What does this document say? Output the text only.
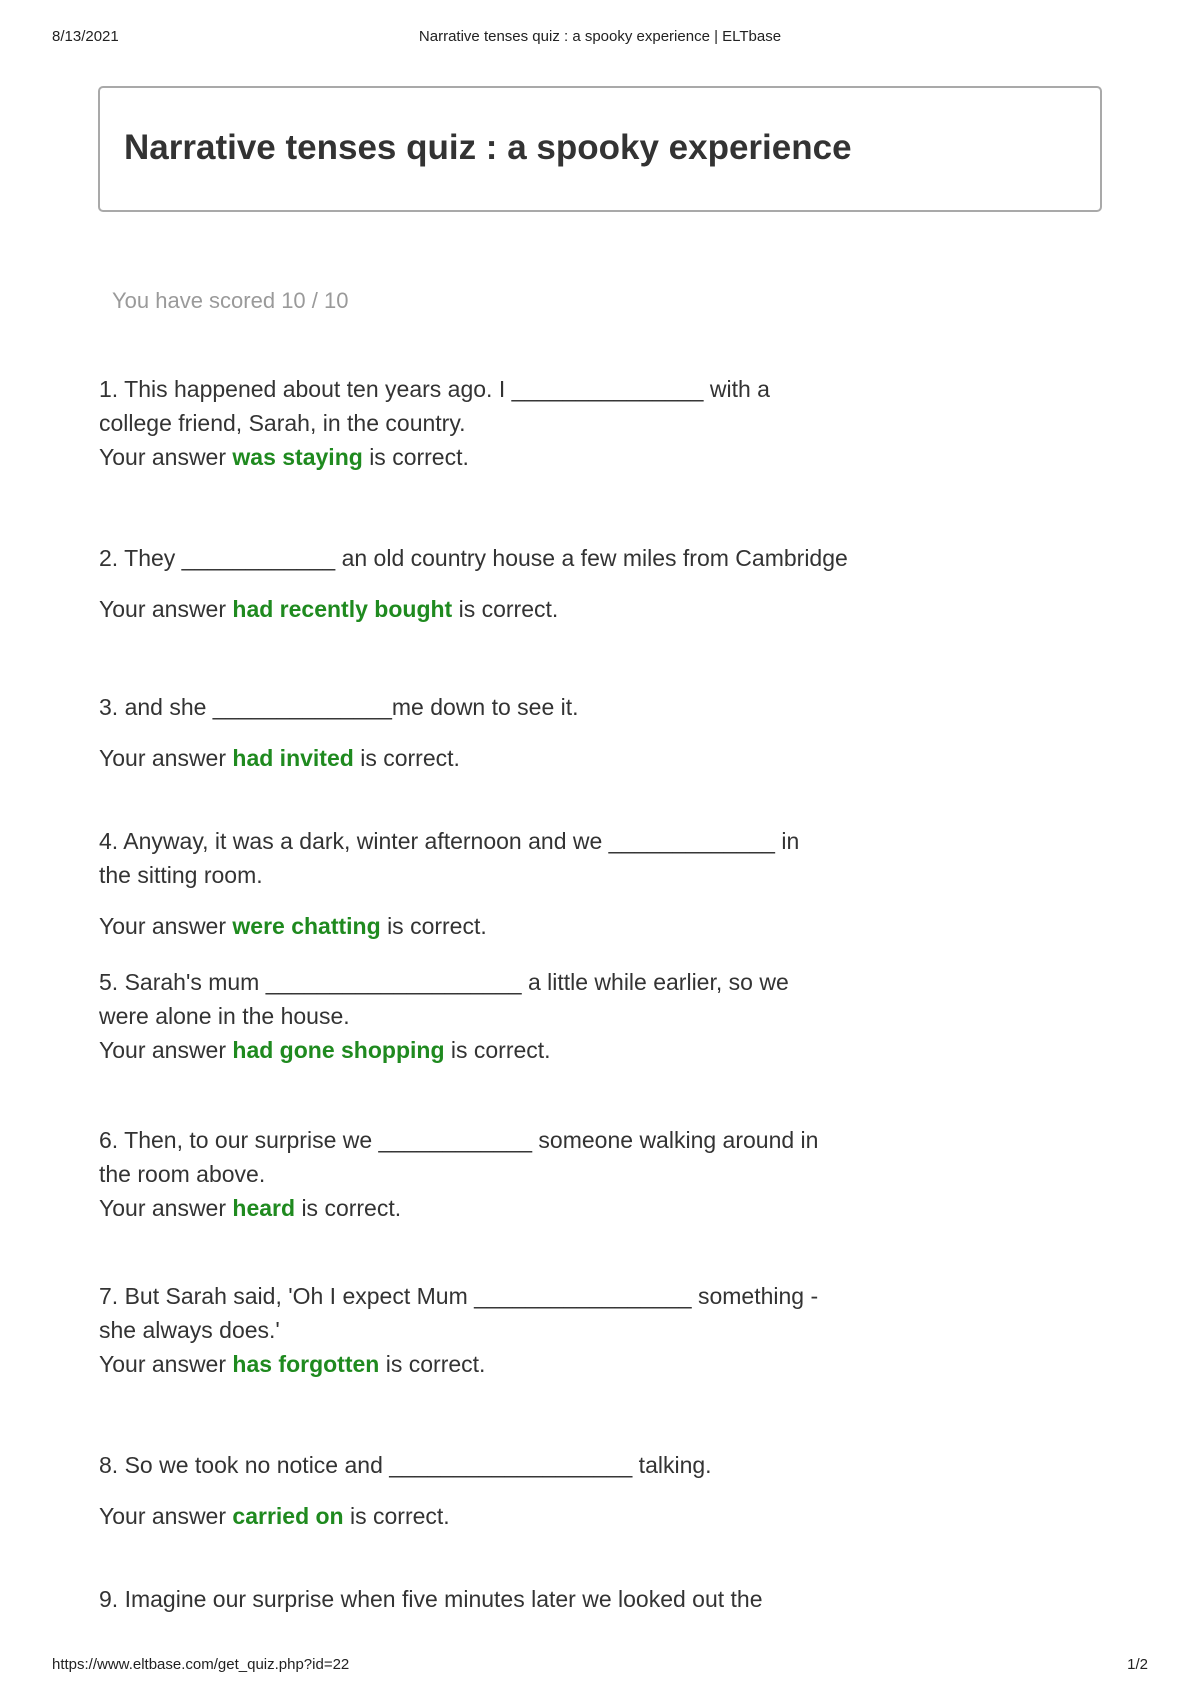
8/13/2021	Narrative tenses quiz : a spooky experience | ELTbase
Narrative tenses quiz : a spooky experience
You have scored 10 / 10
1. This happened about ten years ago. I _______________ with a
college friend, Sarah, in the country.
Your answer was staying is correct.
2. They ____________ an old country house a few miles from Cambridge
Your answer had recently bought is correct.
3. and she ______________me down to see it.
Your answer had invited is correct.
4. Anyway, it was a dark, winter afternoon and we _____________ in
the sitting room.
Your answer were chatting is correct.
5. Sarah's mum ____________________ a little while earlier, so we
were alone in the house.
Your answer had gone shopping is correct.
6. Then, to our surprise we ____________ someone walking around in
the room above.
Your answer heard is correct.
7. But Sarah said, 'Oh I expect Mum _________________ something -
she always does.'
Your answer has forgotten is correct.
8. So we took no notice and ___________________ talking.
Your answer carried on is correct.
9. Imagine our surprise when five minutes later we looked out the
https://www.eltbase.com/get_quiz.php?id=22	1/2
